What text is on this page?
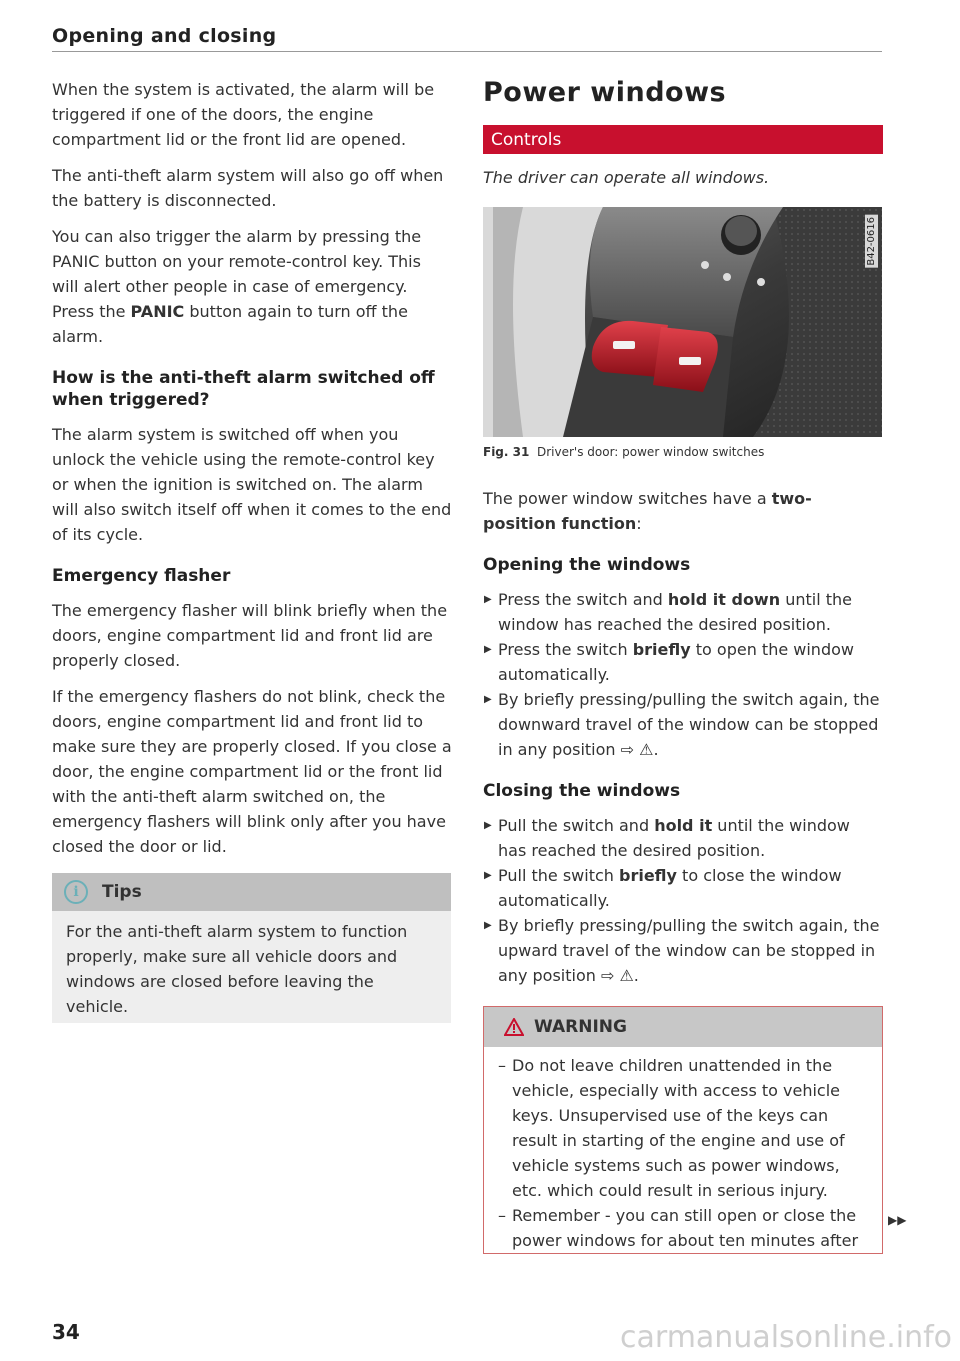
Opening and closing

When the system is activated, the alarm will be triggered if one of the doors, the engine compartment lid or the front lid are opened.

The anti-theft alarm system will also go off when the battery is disconnected.

You can also trigger the alarm by pressing the PANIC button on your remote-control key. This will alert other people in case of emergency. Press the PANIC button again to turn off the alarm.

How is the anti-theft alarm switched off when triggered?

The alarm system is switched off when you unlock the vehicle using the remote-control key or when the ignition is switched on. The alarm will also switch itself off when it comes to the end of its cycle.

Emergency flasher

The emergency flasher will blink briefly when the doors, engine compartment lid and front lid are properly closed.

If the emergency flashers do not blink, check the doors, engine compartment lid and front lid to make sure they are properly closed. If you close a door, the engine compartment lid or the front lid with the anti-theft alarm switched on, the emergency flashers will blink only after you have closed the door or lid.

i	Tips

For the anti-theft alarm system to function properly, make sure all vehicle doors and windows are closed before leaving the vehicle.

Power windows
Controls
The driver can operate all windows.
B42-0616
Fig. 31 Driver's door: power window switches

The power window switches have a two-position function:

Opening the windows
▶ Press the switch and hold it down until the window has reached the desired position.
▶ Press the switch briefly to open the window automatically.
▶ By briefly pressing/pulling the switch again, the downward travel of the window can be stopped in any position ⇨ ⚠.
Closing the windows
▶ Pull the switch and hold it until the window has reached the desired position.
▶ Pull the switch briefly to close the window automatically.
▶ By briefly pressing/pulling the switch again, the upward travel of the window can be stopped in any position ⇨ ⚠.
WARNING
– Do not leave children unattended in the vehicle, especially with access to vehicle keys. Unsupervised use of the keys can result in starting of the engine and use of vehicle systems such as power windows, etc. which could result in serious injury.
– Remember - you can still open or close the power windows for about ten minutes after
▶▶
34	carmanualsonline.info
